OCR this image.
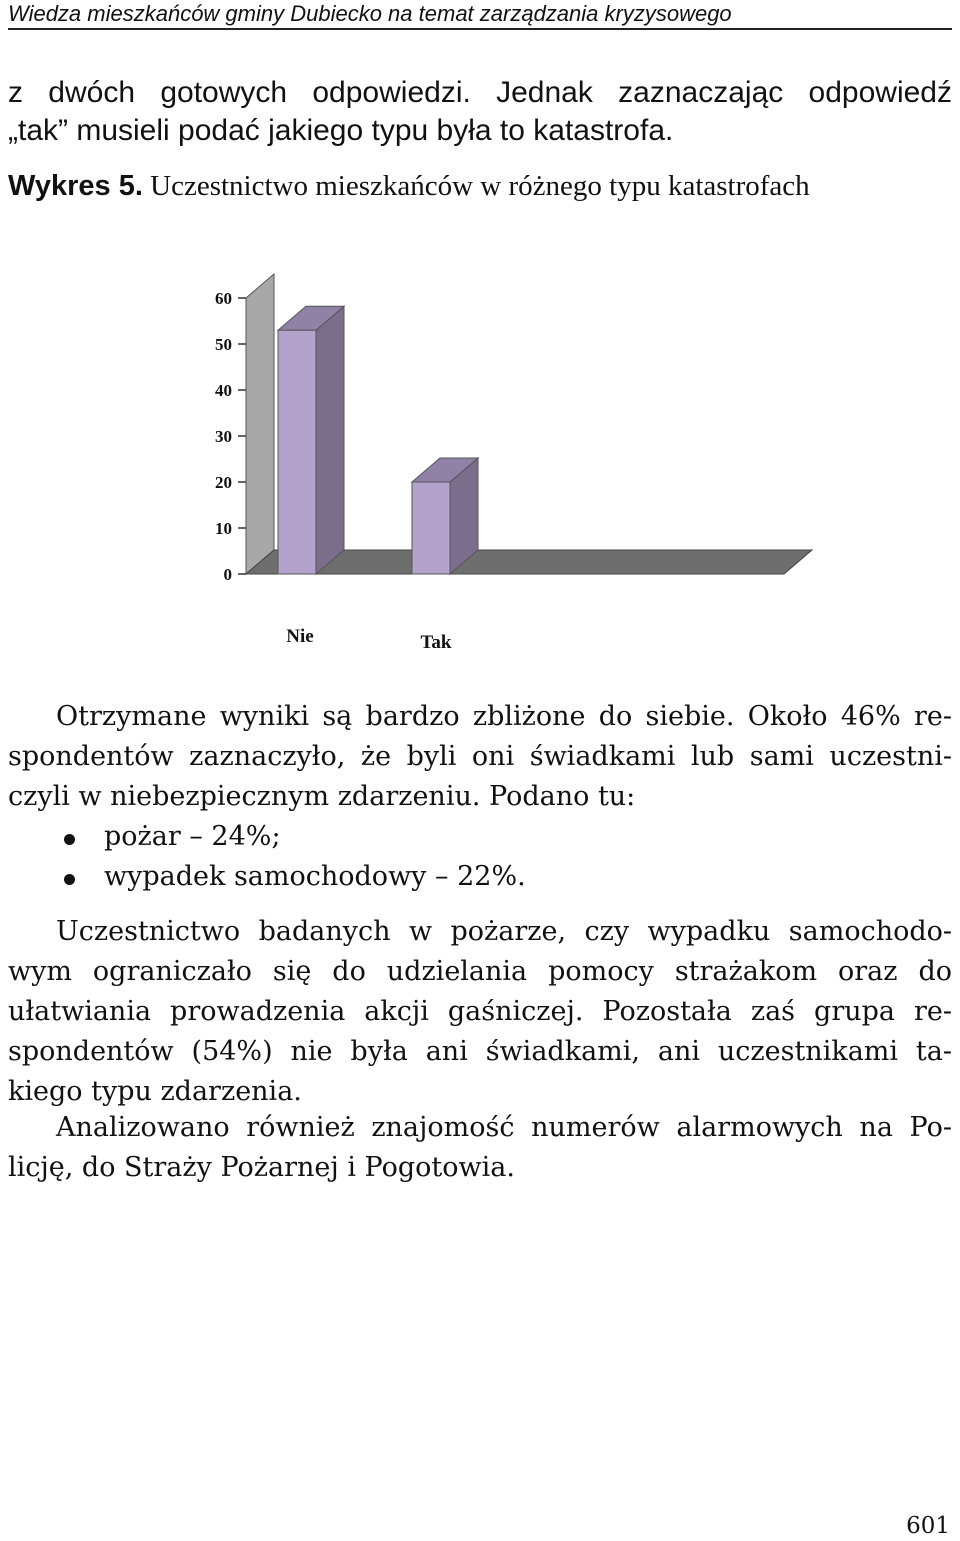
Wiedza mieszkańców gminy Dubiecko na temat zarządzania kryzysowego
z dwóch gotowych odpowiedzi. Jednak zaznaczając odpowiedź
„tak” musieli podać jakiego typu była to katastrofa.
Wykres 5. Uczestnictwo mieszkańców w różnego typu katastrofach
0
10
20
30
40
50
60
Nie	Tak
Otrzymane wyniki są bardzo zbliżone do siebie. Około 46% re-
spondentów zaznaczyło, że byli oni świadkami lub sami uczestni-
czyli w niebezpiecznym zdarzeniu. Podano tu:
pożar – 24%;
wypadek samochodowy – 22%.
Uczestnictwo badanych w pożarze, czy wypadku samochodo-
wym ograniczało się do udzielania pomocy strażakom oraz do
ułatwiania prowadzenia akcji gaśniczej. Pozostała zaś grupa re-
spondentów (54%) nie była ani świadkami, ani uczestnikami ta-
kiego typu zdarzenia.
Analizowano również znajomość numerów alarmowych na Po-
licję, do Straży Pożarnej i Pogotowia.
601
